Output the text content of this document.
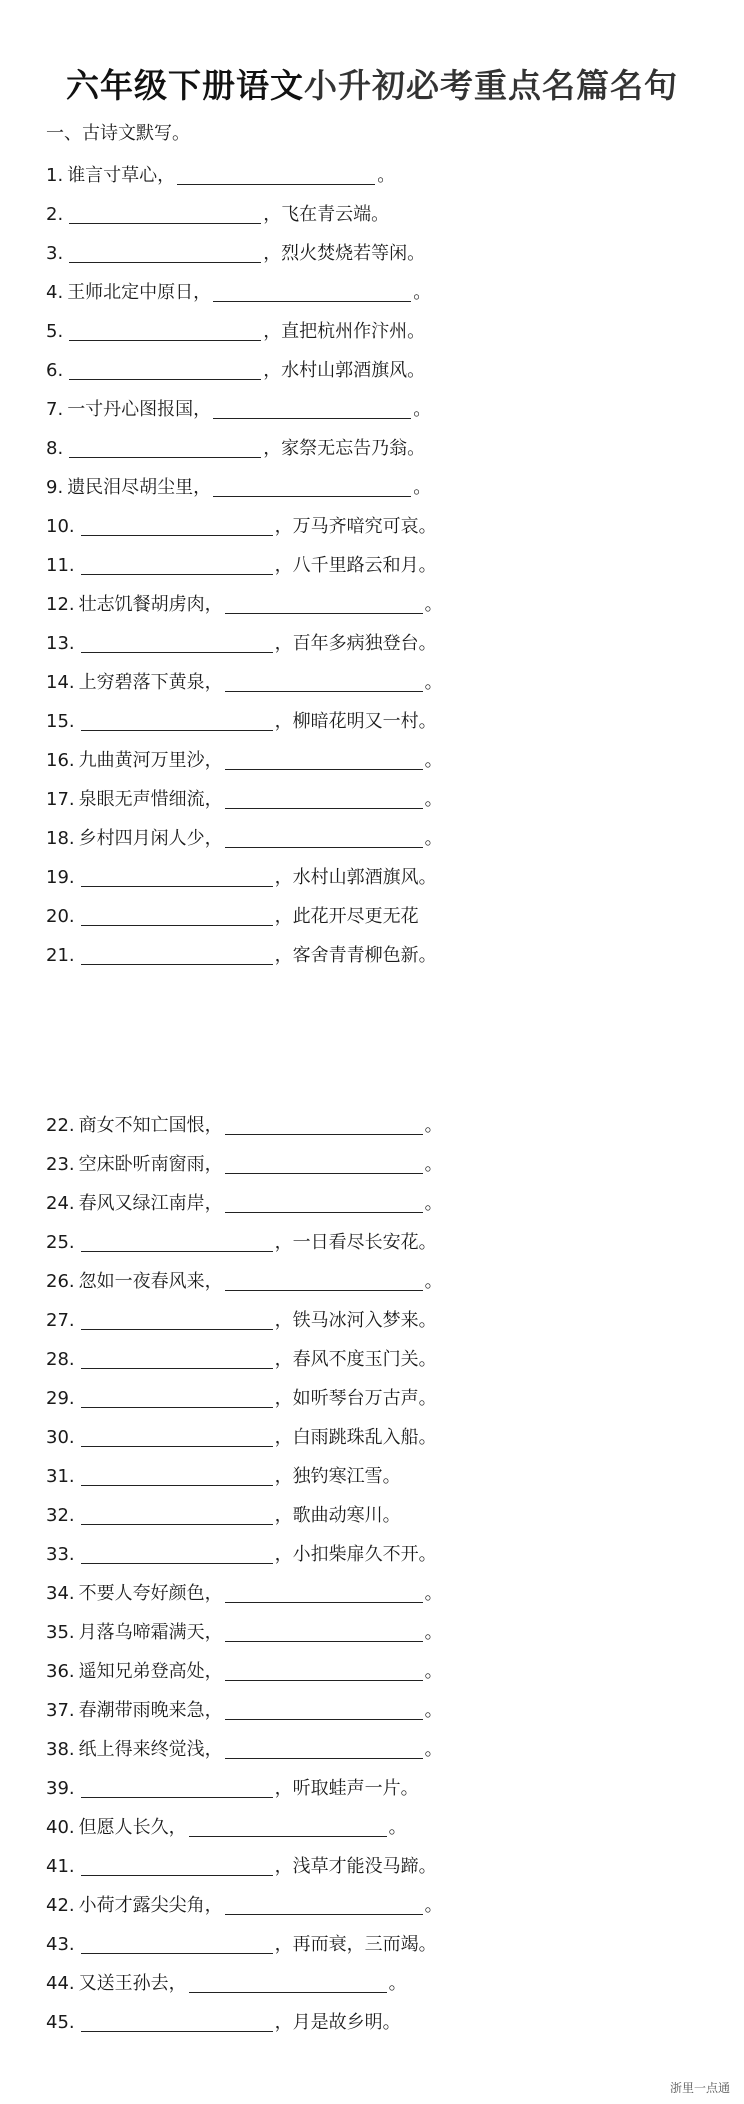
六年级下册语文小升初必考重点名篇名句
一、古诗文默写。
1. 谁言寸草心，	。
2.	，飞在青云端。
3.	，烈火焚烧若等闲。
4. 王师北定中原日，	。
5.	，直把杭州作汴州。
6.	，水村山郭酒旗风。
7. 一寸丹心图报国，	。
8.	，家祭无忘告乃翁。
9. 遗民泪尽胡尘里，	。
10.	，万马齐喑究可哀。
11.	，八千里路云和月。
12. 壮志饥餐胡虏肉，	。
13.	，百年多病独登台。
14. 上穷碧落下黄泉，	。
15.	，柳暗花明又一村。
16. 九曲黄河万里沙，	。
17. 泉眼无声惜细流，	。
18. 乡村四月闲人少，	。
19.	，水村山郭酒旗风。
20.	，此花开尽更无花
21.	，客舍青青柳色新。
22. 商女不知亡国恨，	。
23. 空床卧听南窗雨，	。
24. 春风又绿江南岸，	。
25.	，一日看尽长安花。
26. 忽如一夜春风来，	。
27.	，铁马冰河入梦来。
28.	，春风不度玉门关。
29.	，如听琴台万古声。
30.	，白雨跳珠乱入船。
31.	，独钓寒江雪。
32.	，歌曲动寒川。
33.	，小扣柴扉久不开。
34. 不要人夸好颜色，	。
35. 月落乌啼霜满天，	。
36. 遥知兄弟登高处，	。
37. 春潮带雨晚来急，	。
38. 纸上得来终觉浅，	。
39.	，听取蛙声一片。
40. 但愿人长久，	。
41.	，浅草才能没马蹄。
42. 小荷才露尖尖角，	。
43.	，再而衰，三而竭。
44. 又送王孙去，	。
45.	，月是故乡明。
浙里一点通
